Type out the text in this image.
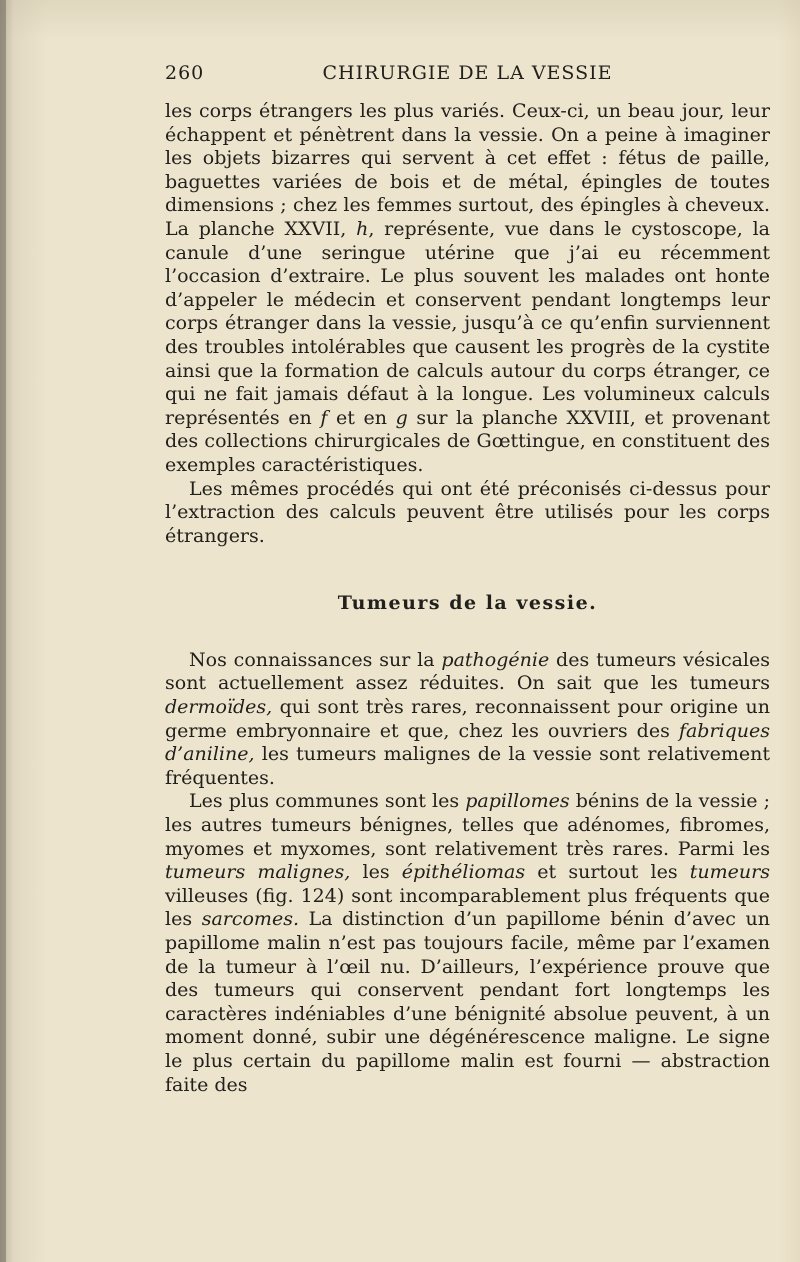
CHIRURGIE DE LA VESSIE
260

les corps étrangers les plus variés. Ceux-ci, un beau jour, leur échappent et pénètrent dans la vessie. On a peine à imaginer les objets bizarres qui servent à cet effet : fétus de paille, baguettes variées de bois et de métal, épingles de toutes dimensions ; chez les femmes surtout, des épingles à cheveux. La planche XXVII, h, représente, vue dans le cystoscope, la canule d’une seringue utérine que j’ai eu récemment l’occasion d’extraire. Le plus souvent les malades ont honte d’appeler le médecin et conservent pendant longtemps leur corps étranger dans la vessie, jusqu’à ce qu’enfin surviennent des troubles intolérables que causent les progrès de la cystite ainsi que la formation de calculs autour du corps étranger, ce qui ne fait jamais défaut à la longue. Les volumineux calculs représentés en f et en g sur la planche XXVIII, et provenant des collections chirurgicales de Gœttingue, en constituent des exemples caractéristiques.

Les mêmes procédés qui ont été préconisés ci-dessus pour l’extraction des calculs peuvent être utilisés pour les corps étrangers.

Tumeurs de la vessie.

Nos connaissances sur la pathogénie des tumeurs vésicales sont actuellement assez réduites. On sait que les tumeurs dermoïdes, qui sont très rares, reconnaissent pour origine un germe embryonnaire et que, chez les ouvriers des fabriques d’aniline, les tumeurs malignes de la vessie sont relativement fréquentes.

Les plus communes sont les papillomes bénins de la vessie ; les autres tumeurs bénignes, telles que adénomes, fibromes, myomes et myxomes, sont relativement très rares. Parmi les tumeurs malignes, les épithéliomas et surtout les tumeurs villeuses (fig. 124) sont incomparablement plus fréquents que les sarcomes. La distinction d’un papillome bénin d’avec un papillome malin n’est pas toujours facile, même par l’examen de la tumeur à l’œil nu. D’ailleurs, l’expérience prouve que des tumeurs qui conservent pendant fort longtemps les caractères indéniables d’une bénignité absolue peuvent, à un moment donné, subir une dégénérescence maligne. Le signe le plus certain du papillome malin est fourni — abstraction faite des
